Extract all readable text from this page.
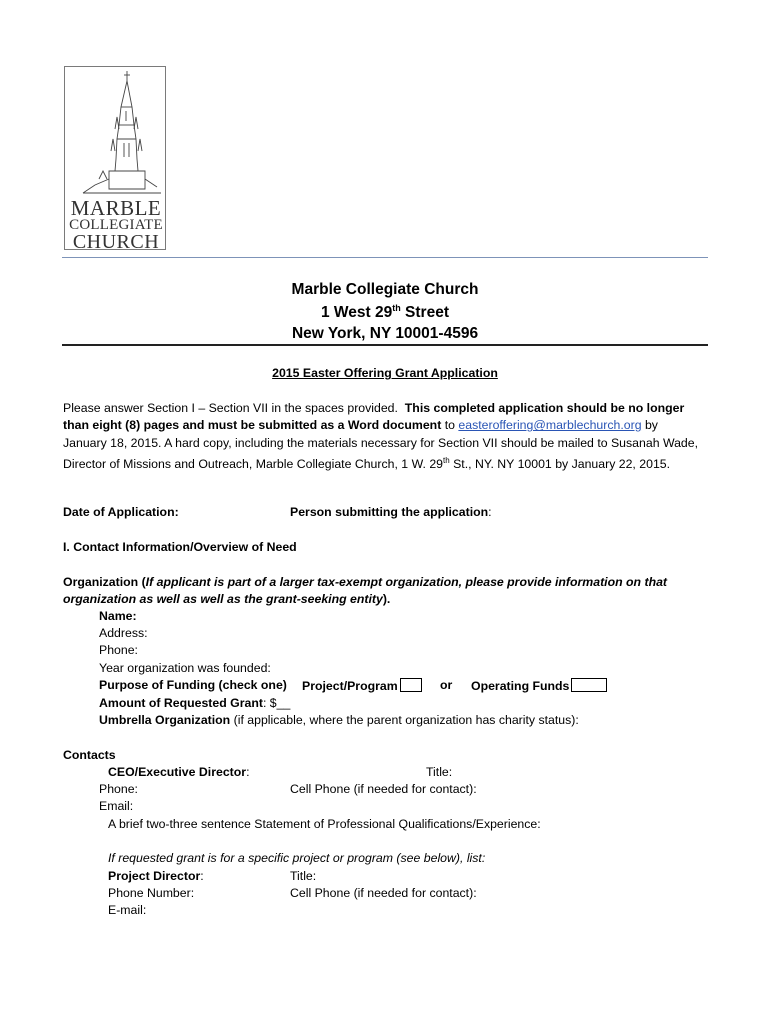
MARBLE
COLLEGIATE
CHURCH
Marble Collegiate Church
1 West 29th Street
New York, NY 10001-4596
2015 Easter Offering Grant Application
Please answer Section I – Section VII in the spaces provided. This completed application should be no longer than eight (8) pages and must be submitted as a Word document to easteroffering@marblechurch.org by January 18, 2015. A hard copy, including the materials necessary for Section VII should be mailed to Susanah Wade, Director of Missions and Outreach, Marble Collegiate Church, 1 W. 29th St., NY. NY 10001 by January 22, 2015.
Date of Application:	Person submitting the application:
I. Contact Information/Overview of Need
Organization (If applicant is part of a larger tax-exempt organization, please provide information on that organization as well as well as the grant-seeking entity).
Name:
Address:
Phone:
Year organization was founded:
Purpose of Funding (check one) Project/Program	or Operating Funds
Amount of Requested Grant: $__
Umbrella Organization (if applicable, where the parent organization has charity status):
Contacts
CEO/Executive Director:	Title:
Phone:	Cell Phone (if needed for contact):
Email:
A brief two-three sentence Statement of Professional Qualifications/Experience:
If requested grant is for a specific project or program (see below), list:
Project Director:	Title:
Phone Number:	Cell Phone (if needed for contact):
E-mail:
